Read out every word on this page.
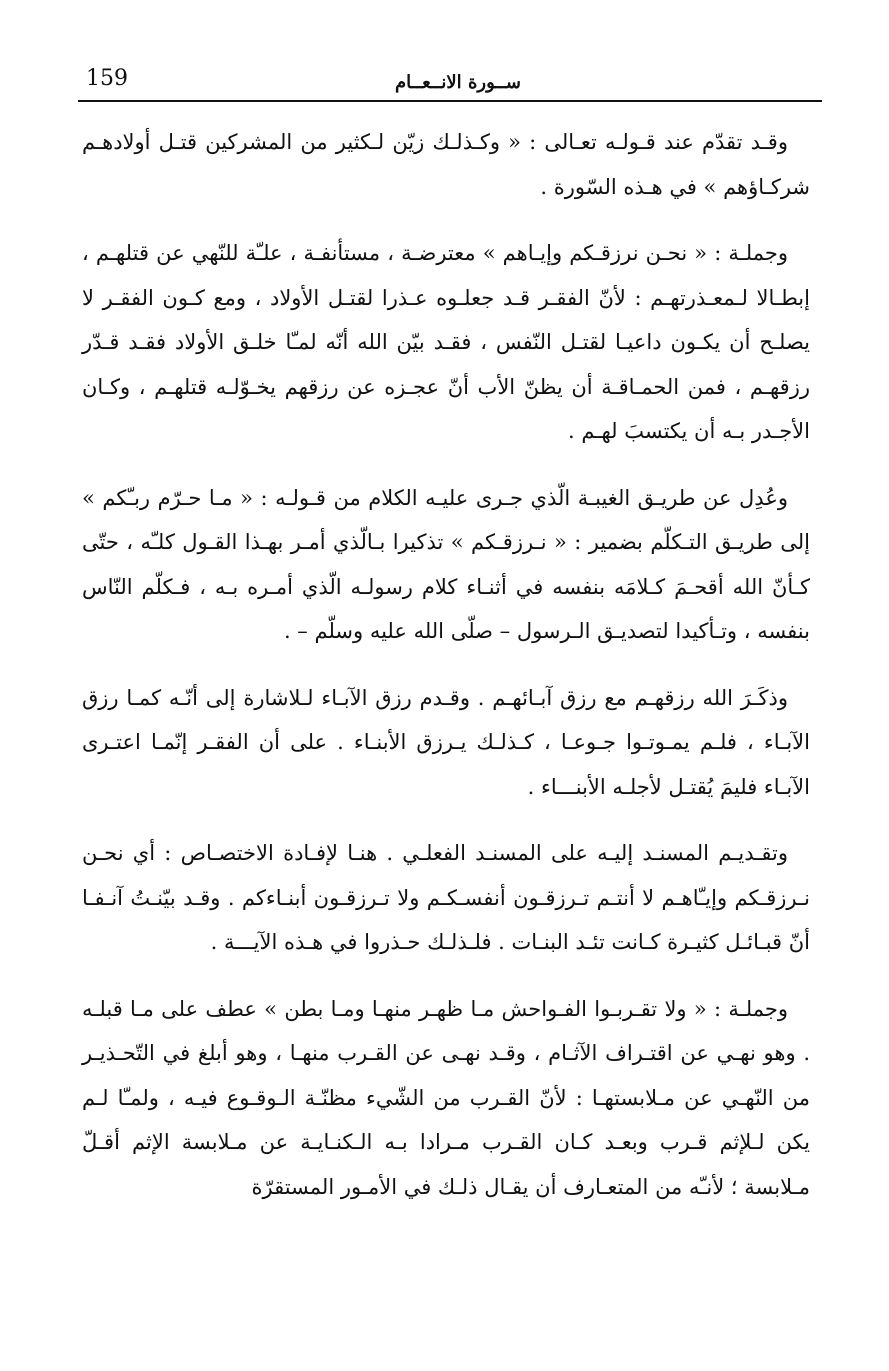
159	ســورة الانــعــام

وقـد تقدّم عند قـولـه تعـالى : « وكـذلـك زيّن لـكثير من المشركين قتـل أولادهـم شركـاؤهم » في هـذه السّورة .

وجملـة : « نحـن نرزقـكم وإيـاهم » معترضـة ، مستأنفـة ، علـّة للنّهي عن قتلهـم ، إبطـالا لـمعـذرتهـم : لأنّ الفقـر قـد جعلـوه عـذرا لقتـل الأولاد ، ومع كـون الفقـر لا يصلـح أن يكـون داعيـا لقتـل النّفس ، فقـد بيّن الله أنّه لمـّا خلـق الأولاد فقـد قـدّر رزقهـم ، فمن الحمـاقـة أن يظنّ الأب أنّ عجـزه عن رزقهم يخـوّلـه قتلهـم ، وكـان الأجـدر بـه أن يكتسبَ لهـم .

وعُدِل عن طريـق الغيبـة الّذي جـرى عليـه الكلام من قـولـه : « مـا حـرّم ربـّكم » إلى طريـق التـكلّم بضمير : « نـرزقـكم » تذكيرا بـالّذي أمـر بهـذا القـول كلـّه ، حتّى كـأنّ الله أقحـمَ كـلامَه بنفسه في أثنـاء كلام رسولـه الّذي أمـره بـه ، فـكلّم النّاس بنفسه ، وتـأكيدا لتصديـق الـرسول – صلّى الله عليه وسلّم – .

وذكَـرَ الله رزقهـم مع رزق آبـائهـم . وقـدم رزق الآبـاء لـلاشارة إلى أنّـه كمـا رزق الآبـاء ، فلـم يمـوتـوا جـوعـا ، كـذلـك يـرزق الأبنـاء . على أن الفقـر إنّمـا اعتـرى الآبـاء فليمَ يُقتـل لأجلـه الأبنـــاء .

وتقـديـم المسنـد إليـه على المسنـد الفعلـي . هنـا لإفـادة الاختصـاص : أي نحـن نـرزقـكم وإيـّاهـم لا أنتـم تـرزقـون أنفسـكـم ولا تـرزقـون أبنـاءكم . وقـد بيّنـتُ آنـفـا أنّ قبـائـل كثيـرة كـانت تئـد البنـات . فلـذلـك حـذروا في هـذه الآيـــة .

وجملـة : « ولا تقـربـوا الفـواحش مـا ظهـر منهـا ومـا بطن » عطف على مـا قبلـه . وهو نهـي عن اقتـراف الآثـام ، وقـد نهـى عن القـرب منهـا ، وهو أبلغ في التّحـذيـر من النّهـي عن مـلابستهـا : لأنّ القـرب من الشّيء مظنّـة الـوقـوع فيـه ، ولمـّا لـم يكن لـلإثم قـرب وبعـد كـان القـرب مـرادا بـه الـكنـايـة عن مـلابسة الإثم أقـلّ مـلابسة ؛ لأنـّه من المتعـارف أن يقـال ذلـك في الأمـور المستقرّة
